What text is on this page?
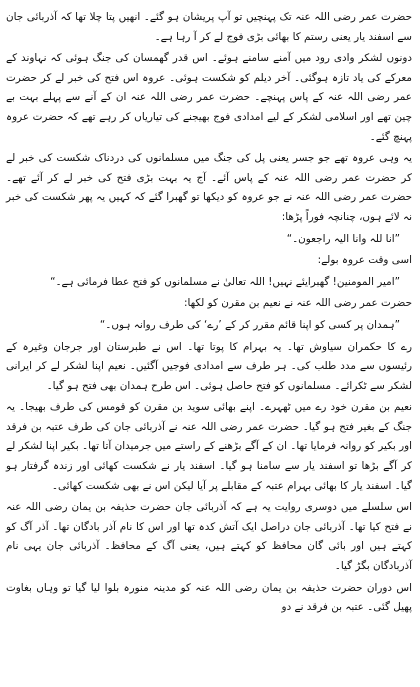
حضرت عمر رضی اللہ عنہ تک پہنچیں تو آپ پریشان ہو گئے۔ انھیں پتا چلا تھا کہ آذربائی جان سے اسفند یار یعنی رستم کا بھائی بڑی فوج لے کر آ رہا ہے۔

دونوں لشکر وادی رود میں آمنے سامنے ہوئے۔ اس قدر گھمسان کی جنگ ہوئی کہ نہاوند کے معرکے کی یاد تازہ ہوگئی۔ آخر دیلم کو شکست ہوئی۔ عروہ اس فتح کی خبر لے کر حضرت عمر رضی اللہ عنہ کے پاس پہنچے۔ حضرت عمر رضی اللہ عنہ ان کے آنے سے پہلے بہت بے چین تھے اور اسلامی لشکر کے لیے امدادی فوج بھیجنے کی تیاریاں کر رہے تھے کہ حضرت عروہ پہنچ گئے۔

یہ وہی عروہ تھے جو جسر یعنی پل کی جنگ میں مسلمانوں کی دردناک شکست کی خبر لے کر حضرت عمر رضی اللہ عنہ کے پاس آئے۔ آج یہ بہت بڑی فتح کی خبر لے کر آئے تھے۔ حضرت عمر رضی اللہ عنہ نے جو عروہ کو دیکھا تو گھبرا گئے کہ کہیں یہ پھر شکست کی خبر نہ لائے ہوں، چنانچہ فوراً پڑھا:

”انا للہ وانا الیہ راجعون۔“

اسی وقت عروہ بولے:

”امیر المومنین! گھبرایئے نہیں! اللہ تعالیٰ نے مسلمانوں کو فتح عطا فرمائی ہے۔“

حضرت عمر رضی اللہ عنہ نے نعیم بن مقرن کو لکھا:

”ہمدان پر کسی کو اپنا قائم مقرر کر کے ’رے‘ کی طرف روانہ ہوں۔“

رے کا حکمران سیاوش تھا۔ یہ بہرام کا پوتا تھا۔ اس نے طبرستان اور جرجان وغیرہ کے رئیسوں سے مدد طلب کی۔ ہر طرف سے امدادی فوجیں آگئیں۔ نعیم اپنا لشکر لے کر ایرانی لشکر سے ٹکرائے۔ مسلمانوں کو فتح حاصل ہوئی۔ اس طرح ہمدان بھی فتح ہو گیا۔

نعیم بن مقرن خود رے میں ٹھہرے۔ اپنے بھائی سوید بن مقرن کو قومس کی طرف بھیجا۔ یہ جنگ کے بغیر فتح ہو گیا۔ حضرت عمر رضی اللہ عنہ نے آذربائی جان کی طرف عتبہ بن فرقد اور بکیر کو روانہ فرمایا تھا۔ ان کے آگے بڑھنے کے راستے میں جرمیدان آتا تھا۔ بکیر اپنا لشکر لے کر آگے بڑھا تو اسفند یار سے سامنا ہو گیا۔ اسفند یار نے شکست کھائی اور زندہ گرفتار ہو گیا۔ اسفند یار کا بھائی بہرام عتبہ کے مقابلے پر آیا لیکن اس نے بھی شکست کھائی۔

اس سلسلے میں دوسری روایت یہ ہے کہ آذربائی جان حضرت حذیفہ بن یمان رضی اللہ عنہ نے فتح کیا تھا۔ آذربائی جان دراصل ایک آتش کدہ تھا اور اس کا نام آذر بادگان تھا۔ آذر آگ کو کہتے ہیں اور بائی گان محافظ کو کہتے ہیں، یعنی آگ کے محافظ۔ آذربائی جان یہی نام آذربادگان بگڑ گیا۔

اس دوران حضرت حذیفہ بن یمان رضی اللہ عنہ کو مدینہ منورہ بلوا لیا گیا تو وہاں بغاوت پھیل گئی۔ عتبہ بن فرقد نے دو
